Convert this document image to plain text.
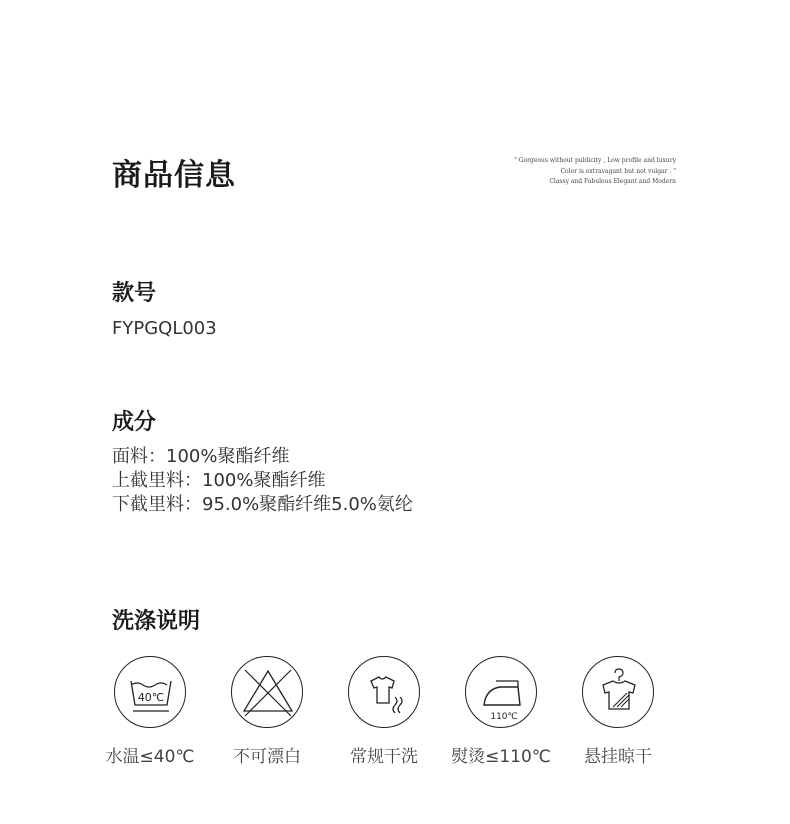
商品信息	" Gorgeous without publicity , Low profile and luxury
Color is extravagant but not vulgar . "
Classy and Fabulous Elegant and Modern
款号
FYPGQL003
成分
面料：100%聚酯纤维
上截里料：100%聚酯纤维
下截里料：95.0%聚酯纤维5.0%氨纶
洗涤说明
40℃
水温≤40℃	不可漂白	常规干洗
110℃
熨烫≤110℃	悬挂晾干
